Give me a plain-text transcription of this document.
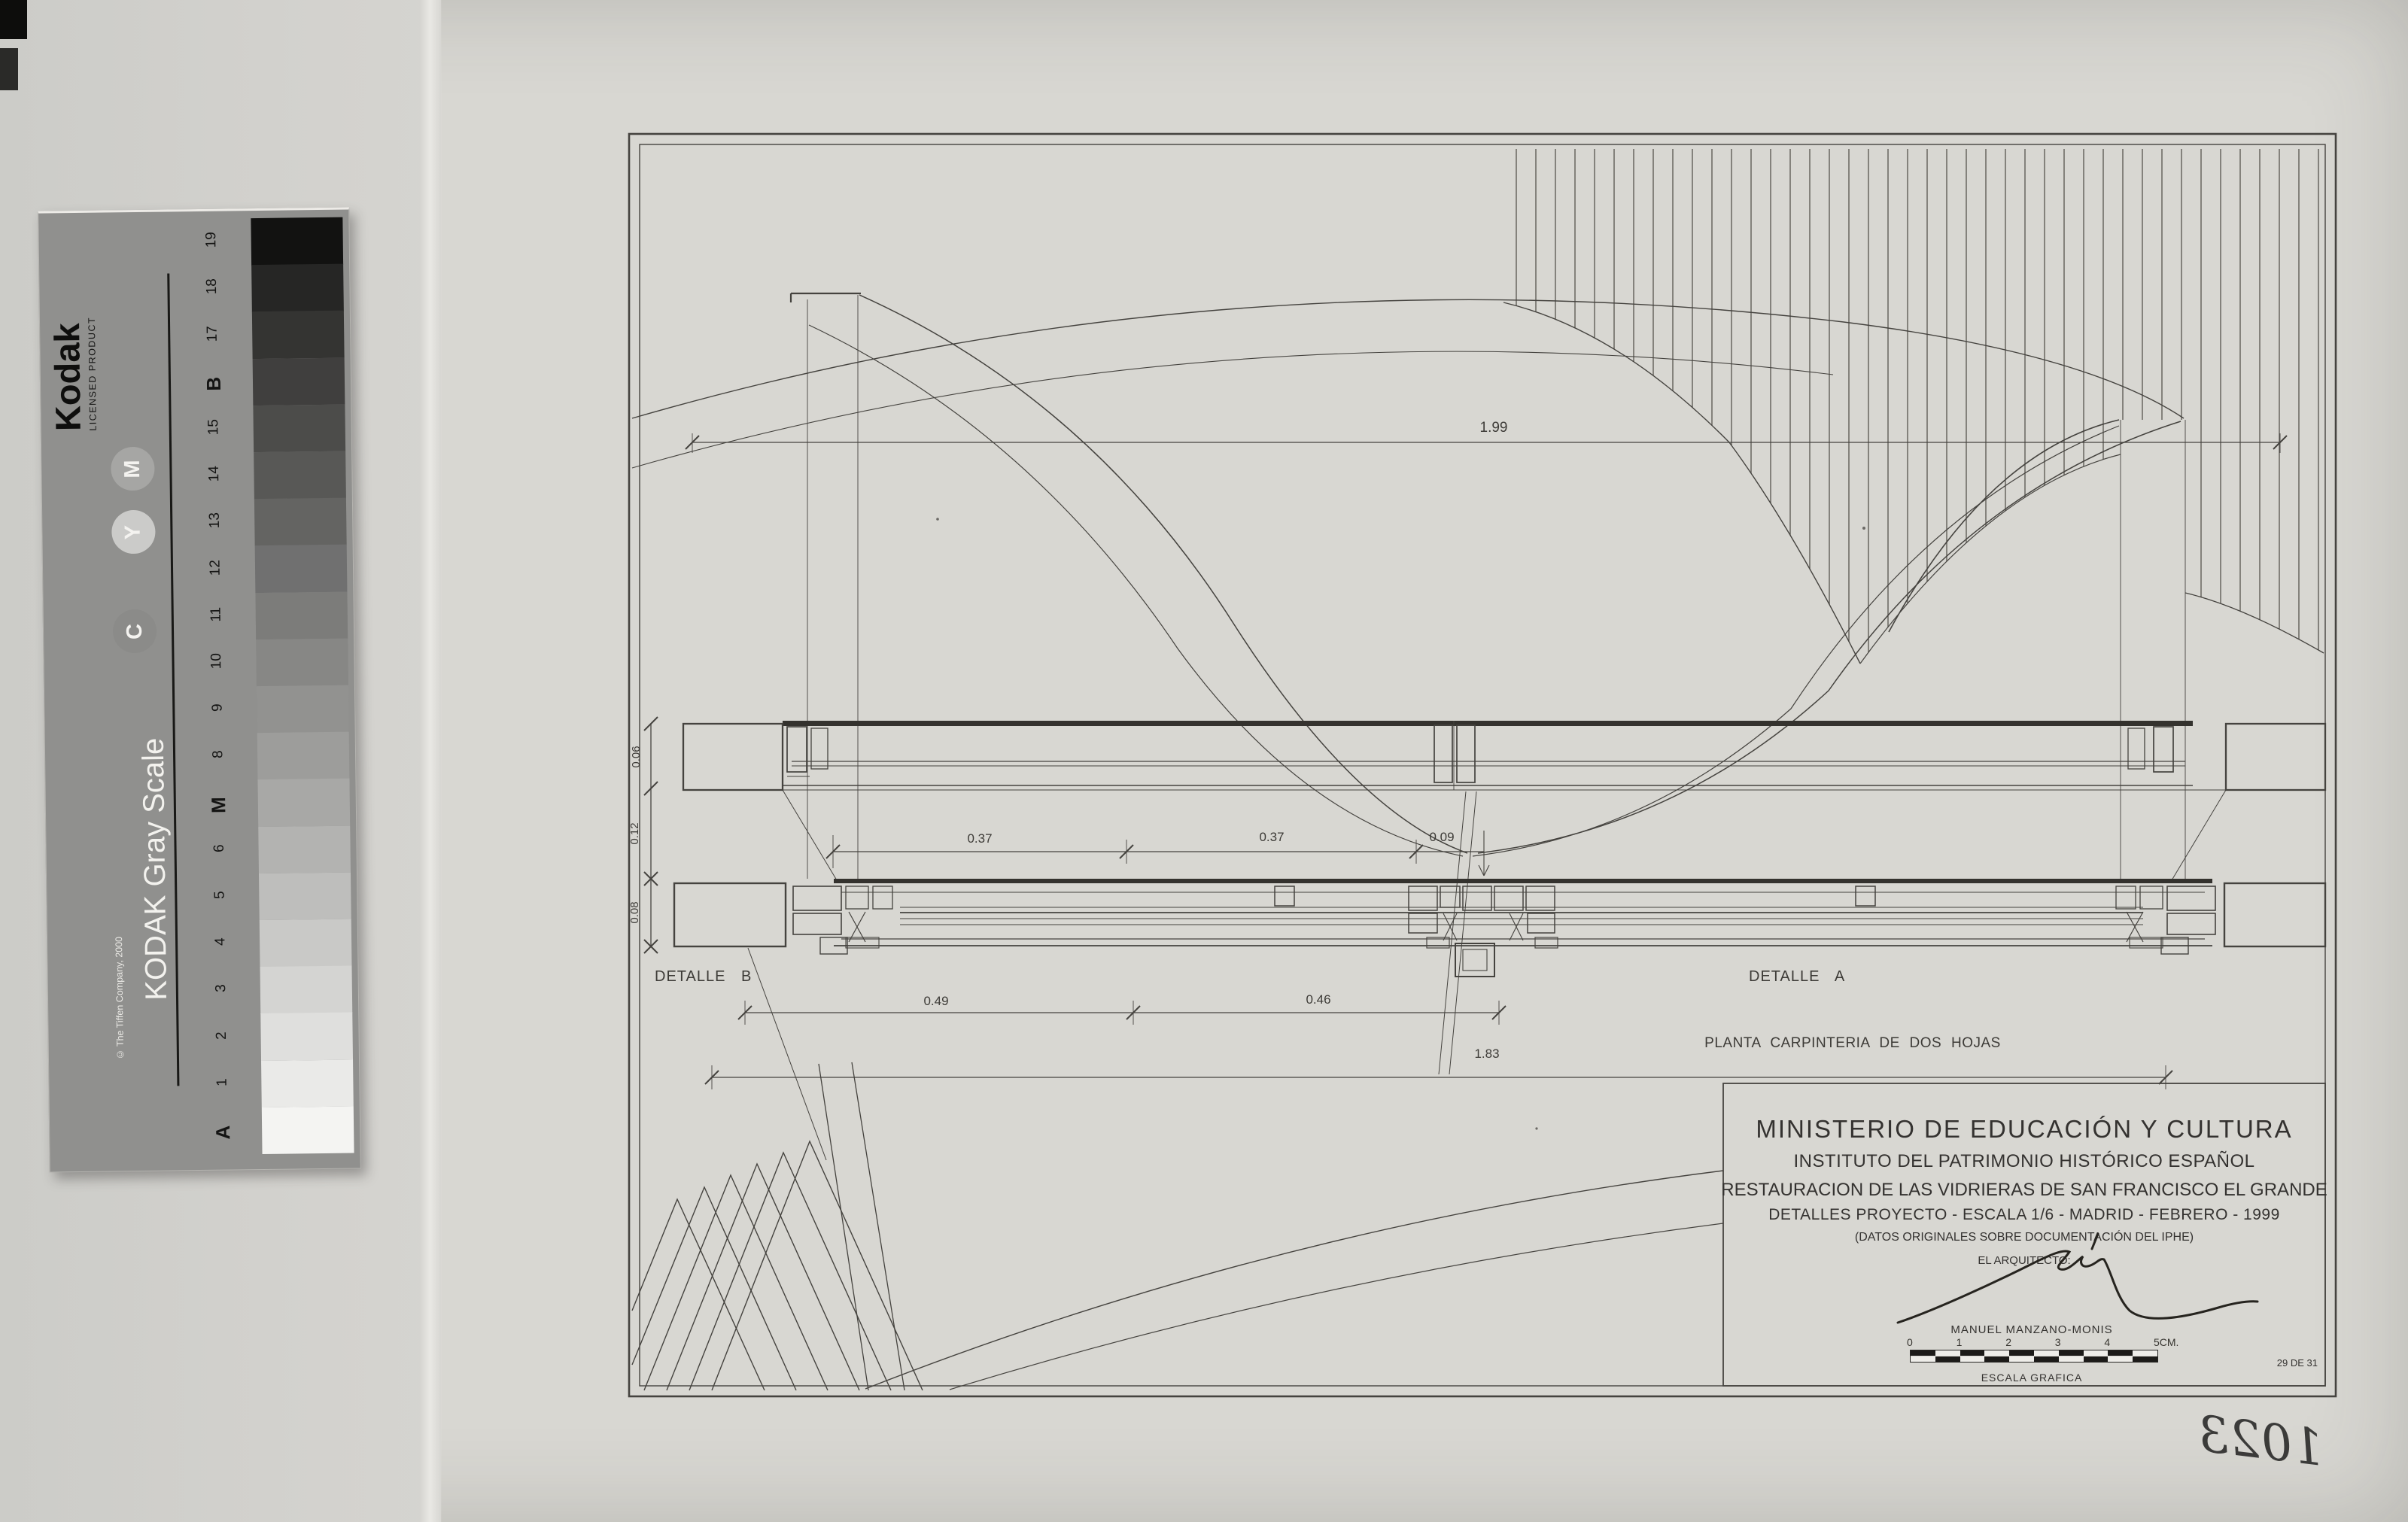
Kodak
LICENSED PRODUCT
KODAK Gray Scale
© The Tiffen Company, 2000
M
Y
C
19
18
17
B
15
14
13
12
11
10
9
8
M
6
5
4
3
2
1
A
1.99
0.37	0.37	0.09
0.49	0.46
1.83
0.06
0.12
0.08
DETALLE B	DETALLE A
PLANTA CARPINTERIA DE DOS HOJAS
MINISTERIO DE EDUCACIÓN Y CULTURA
INSTITUTO DEL PATRIMONIO HISTÓRICO ESPAÑOL
RESTAURACION DE LAS VIDRIERAS DE SAN FRANCISCO EL GRANDE
DETALLES PROYECTO - ESCALA 1/6 - MADRID - FEBRERO - 1999
(DATOS ORIGINALES SOBRE DOCUMENTACIÓN DEL IPHE)
EL ARQUITECTO:
MANUEL MANZANO-MONIS
ESCALA GRAFICA
29 DE 31
1023
0	1	2	3	4	5CM.
